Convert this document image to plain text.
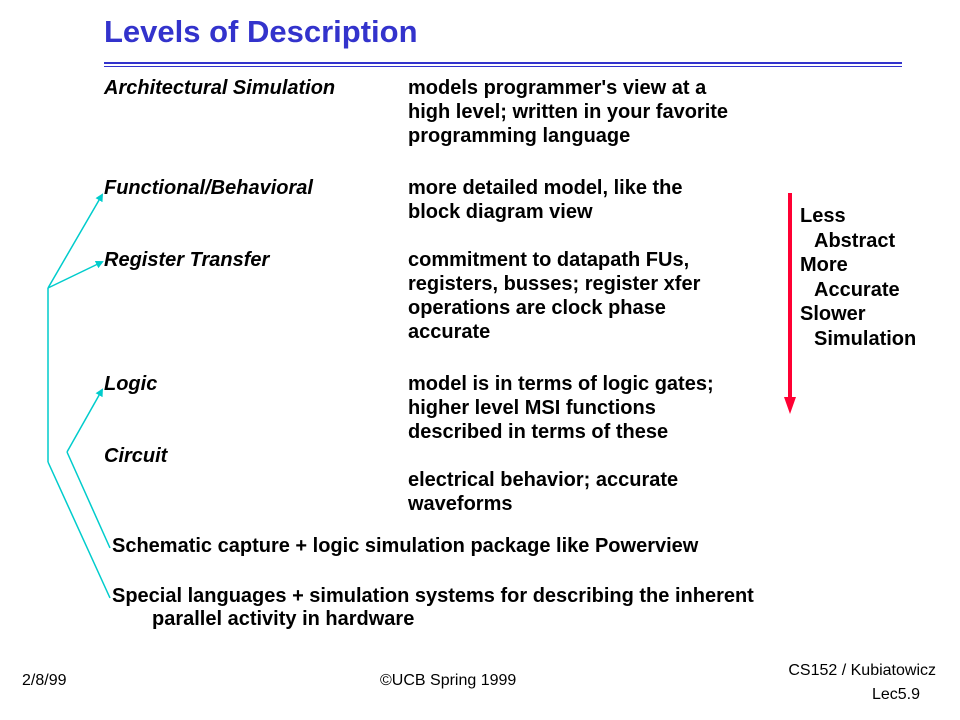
Levels of Description
Architectural Simulation
Functional/Behavioral
Register Transfer
Logic
Circuit
models programmer's view at a
high level; written in your favorite
programming language
more detailed model, like the
block diagram view
commitment to datapath FUs,
registers, busses; register xfer
operations are clock phase
accurate
model is in terms of logic gates;
higher level MSI functions
described in terms of these
electrical behavior; accurate
waveforms
Less
Abstract
More
Accurate
Slower
Simulation
Schematic capture + logic simulation package like Powerview
Special languages + simulation systems for describing the inherent
parallel activity in hardware
2/8/99	©UCB Spring 1999
CS152 / Kubiatowicz
Lec5.9
